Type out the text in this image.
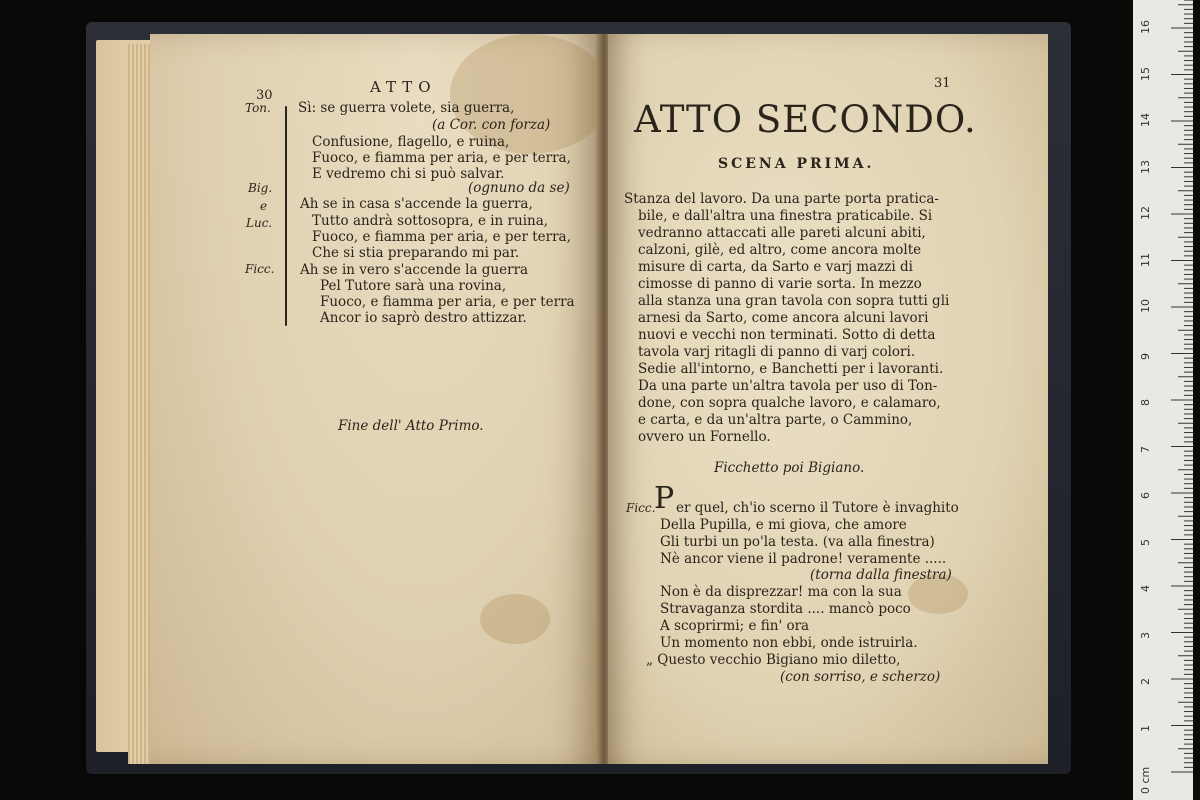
30	ATTO
Ton.
Big.
e
Luc.
Ficc.
Sì: se guerra volete, sia guerra,
(a Cor. con forza)
Confusione, flagello, e ruina,
Fuoco, e fiamma per aria, e per terra,
E vedremo chi si può salvar.
(ognuno da se)
Ah se in casa s'accende la guerra,
Tutto andrà sottosopra, e in ruina,
Fuoco, e fiamma per aria, e per terra,
Che si stia preparando mi par.
Ah se in vero s'accende la guerra
Pel Tutore sarà una rovina,
Fuoco, e fiamma per aria, e per terra
Ancor io saprò destro attizzar.
Fine dell' Atto Primo.
31
ATTO SECONDO.
SCENA PRIMA.
Stanza del lavoro. Da una parte porta pratica-
bile, e dall'altra una finestra praticabile. Si
vedranno attaccati alle pareti alcuni abiti,
calzoni, gilè, ed altro, come ancora molte
misure di carta, da Sarto e varj mazzi di
cimosse di panno di varie sorta. In mezzo
alla stanza una gran tavola con sopra tutti gli
arnesi da Sarto, come ancora alcuni lavori
nuovi e vecchi non terminati. Sotto di detta
tavola varj ritagli di panno di varj colori.
Sedie all'intorno, e Banchetti per i lavoranti.
Da una parte un'altra tavola per uso di Ton-
done, con sopra qualche lavoro, e calamaro,
e carta, e da un'altra parte, o Cammino,
ovvero un Fornello.
Ficchetto poi Bigiano.
Ficc.
P er quel, ch'io scerno il Tutore è invaghito
Della Pupilla, e mi giova, che amore
Gli turbi un po'la testa. (va alla finestra)
Nè ancor viene il padrone! veramente .....
(torna dalla finestra)
Non è da disprezzar! ma con la sua
Stravaganza stordita .... mancò poco
A scoprirmi; e fin' ora
Un momento non ebbi, onde istruirla.
„ Questo vecchio Bigiano mio diletto,
(con sorriso, e scherzo)
0 cm
1
2
3
4
5
6
7
8
9
10
11
12
13
14
15
16
